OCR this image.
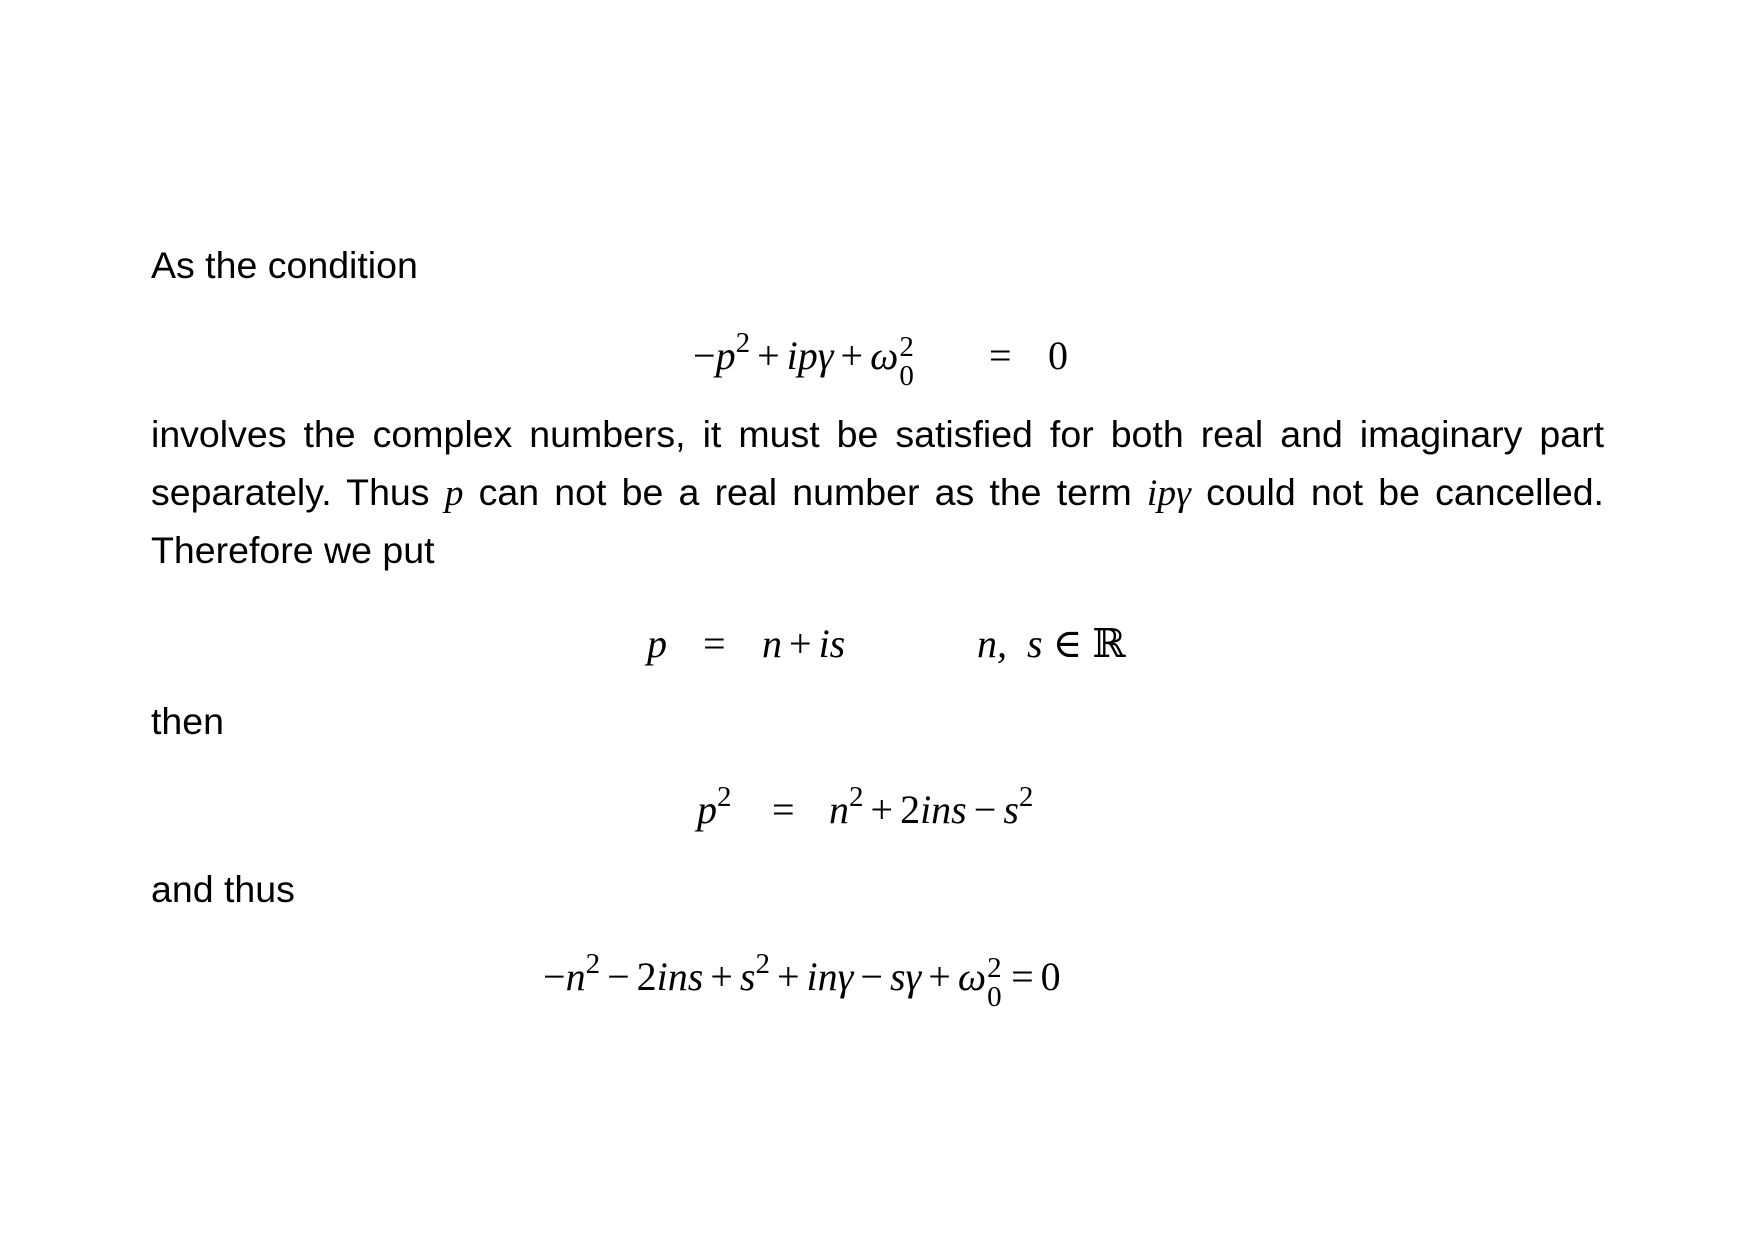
As the condition

$-p^2 + ip\gamma + \omega$ 2
0 = 0
involves the complex numbers, it must be satisfied for both real and imaginary part
separately. Thus p can not be a real number as the term ipγ could not be cancelled.
Therefore we put
p = n + is	n, s ∈ ℝ

then

$p^2 = n^2 + 2ins - s^2$

and thus

$-n^2 - 2ins + s^2 + in\gamma - s\gamma + \omega$ 2
0 = 0
